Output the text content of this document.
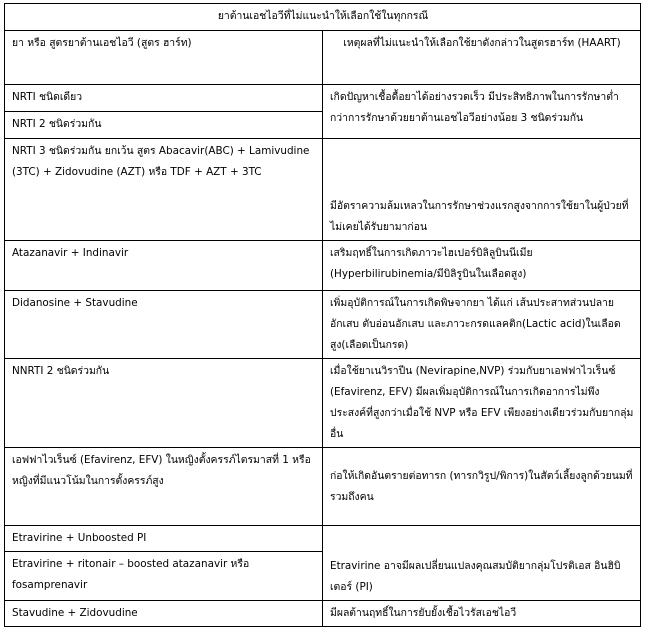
ยาต้านเอชไอวีที่ไม่แนะนำให้เลือกใช้ในทุกกรณี	
ยา หรือ สูตรยาต้านเอชไอวี (สูตร ฮาร์ท)	เหตุผลที่ไม่แนะนำให้เลือกใช้ยาดังกล่าวในสูตรฮาร์ท (HAART)
NRTI ชนิดเดียว	เกิดปัญหาเชื้อดื้อยาได้อย่างรวดเร็ว มีประสิทธิภาพในการรักษาต่ำกว่าการรักษาด้วยยาต้านเอชไอวีอย่างน้อย 3 ชนิดร่วมกัน
NRTI 2 ชนิดร่วมกัน	
NRTI 3 ชนิดร่วมกัน ยกเว้น สูตร Abacavir(ABC) + Lamivudine (3TC) + Zidovudine (AZT) หรือ TDF + AZT + 3TC	มีอัตราความล้มเหลวในการรักษาช่วงแรกสูงจากการใช้ยาในผู้ป่วยที่ไม่เคยได้รับยามาก่อน
Atazanavir + Indinavir	เสริมฤทธิ์ในการเกิดภาวะไฮเปอร์บิลิลูบินนีเมีย (Hyperbilirubinemia/มีบิลิรูบินในเลือดสูง)
Didanosine + Stavudine	เพิ่มอุบัติการณ์ในการเกิดพิษจากยา ได้แก่ เส้นประสาทส่วนปลายอักเสบ ตับอ่อนอักเสบ และภาวะกรดแลคติก(Lactic acid)ในเลือดสูง(เลือดเป็นกรด)
NNRTI 2 ชนิดร่วมกัน	เมื่อใช้ยาเนวิราปีน (Nevirapine,NVP) ร่วมกับยาเอฟฟาไวเร็นซ์ (Efavirenz, EFV) มีผลเพิ่มอุบัติการณ์ในการเกิดอาการไม่พึงประสงค์ที่สูงกว่าเมื่อใช้ NVP หรือ EFV เพียงอย่างเดียวร่วมกับยากลุ่มอื่น
เอฟฟาไวเร็นซ์ (Efavirenz, EFV) ในหญิงตั้งครรภ์ไตรมาสที่ 1 หรือหญิงที่มีแนวโน้มในการตั้งครรภ์สูง	ก่อให้เกิดอันตรายต่อทารก (ทารกวิรูป/พิการ)ในสัตว์เลี้ยงลูกด้วยนมที่รวมถึงคน
Etravirine + Unboosted PI	Etravirine อาจมีผลเปลี่ยนแปลงคุณสมบัติยากลุ่มโปรติเอส อินฮิบิเตอร์ (PI)
Etravirine + ritonair – boosted atazanavir หรือ fosamprenavir	
Stavudine + Zidovudine	มีผลต้านฤทธิ์ในการยับยั้งเชื้อไวรัสเอชไอวี
